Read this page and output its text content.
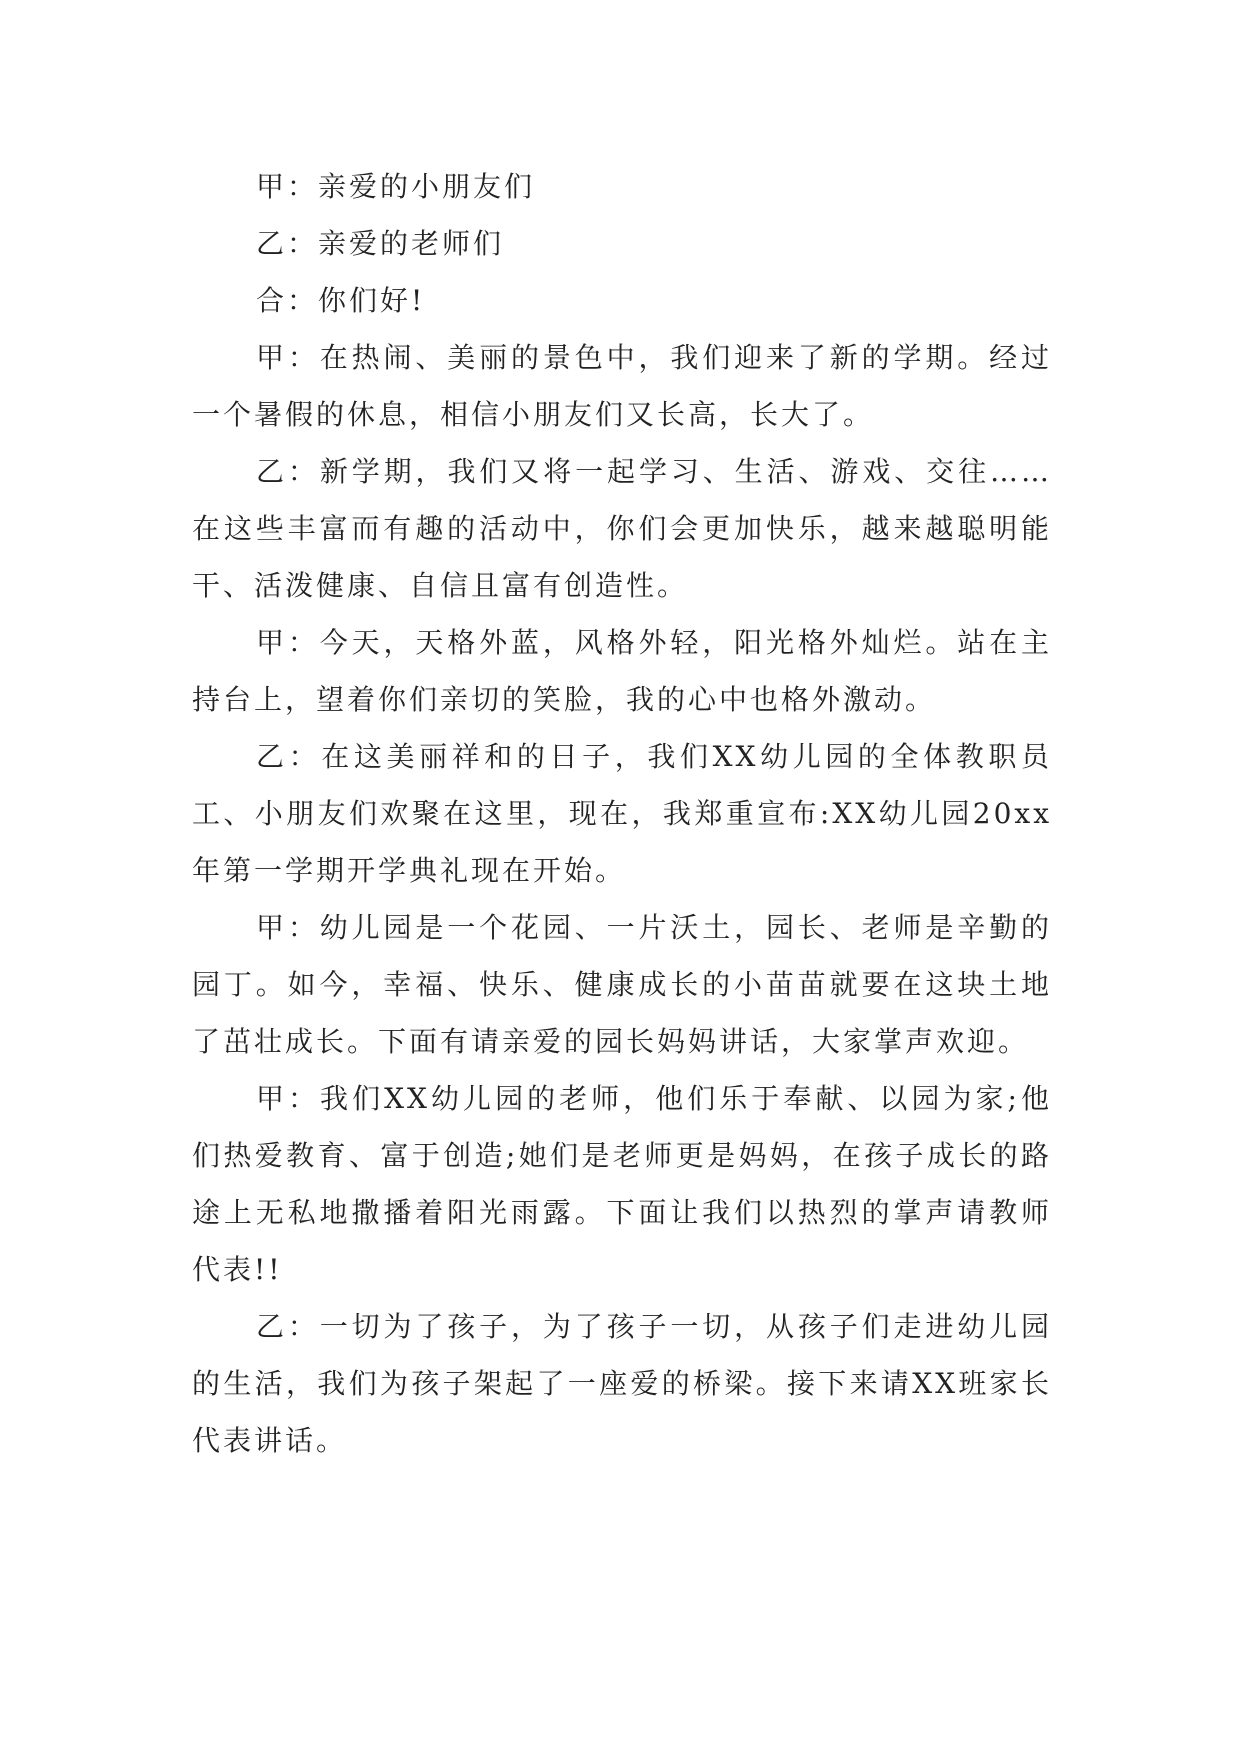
甲：亲爱的小朋友们

乙：亲爱的老师们

合：你们好!

甲：在热闹、美丽的景色中，我们迎来了新的学期。经过一个暑假的休息，相信小朋友们又长高，长大了。

乙：新学期，我们又将一起学习、生活、游戏、交往……在这些丰富而有趣的活动中，你们会更加快乐，越来越聪明能干、活泼健康、自信且富有创造性。

甲：今天，天格外蓝，风格外轻，阳光格外灿烂。站在主持台上，望着你们亲切的笑脸，我的心中也格外激动。

乙：在这美丽祥和的日子，我们XX幼儿园的全体教职员工、小朋友们欢聚在这里，现在，我郑重宣布:XX幼儿园20xx年第一学期开学典礼现在开始。

甲：幼儿园是一个花园、一片沃土，园长、老师是辛勤的园丁。如今，幸福、快乐、健康成长的小苗苗就要在这块土地了茁壮成长。下面有请亲爱的园长妈妈讲话，大家掌声欢迎。

甲：我们XX幼儿园的老师，他们乐于奉献、以园为家;他们热爱教育、富于创造;她们是老师更是妈妈，在孩子成长的路途上无私地撒播着阳光雨露。下面让我们以热烈的掌声请教师代表!!

乙：一切为了孩子，为了孩子一切，从孩子们走进幼儿园的生活，我们为孩子架起了一座爱的桥梁。接下来请XX班家长代表讲话。
